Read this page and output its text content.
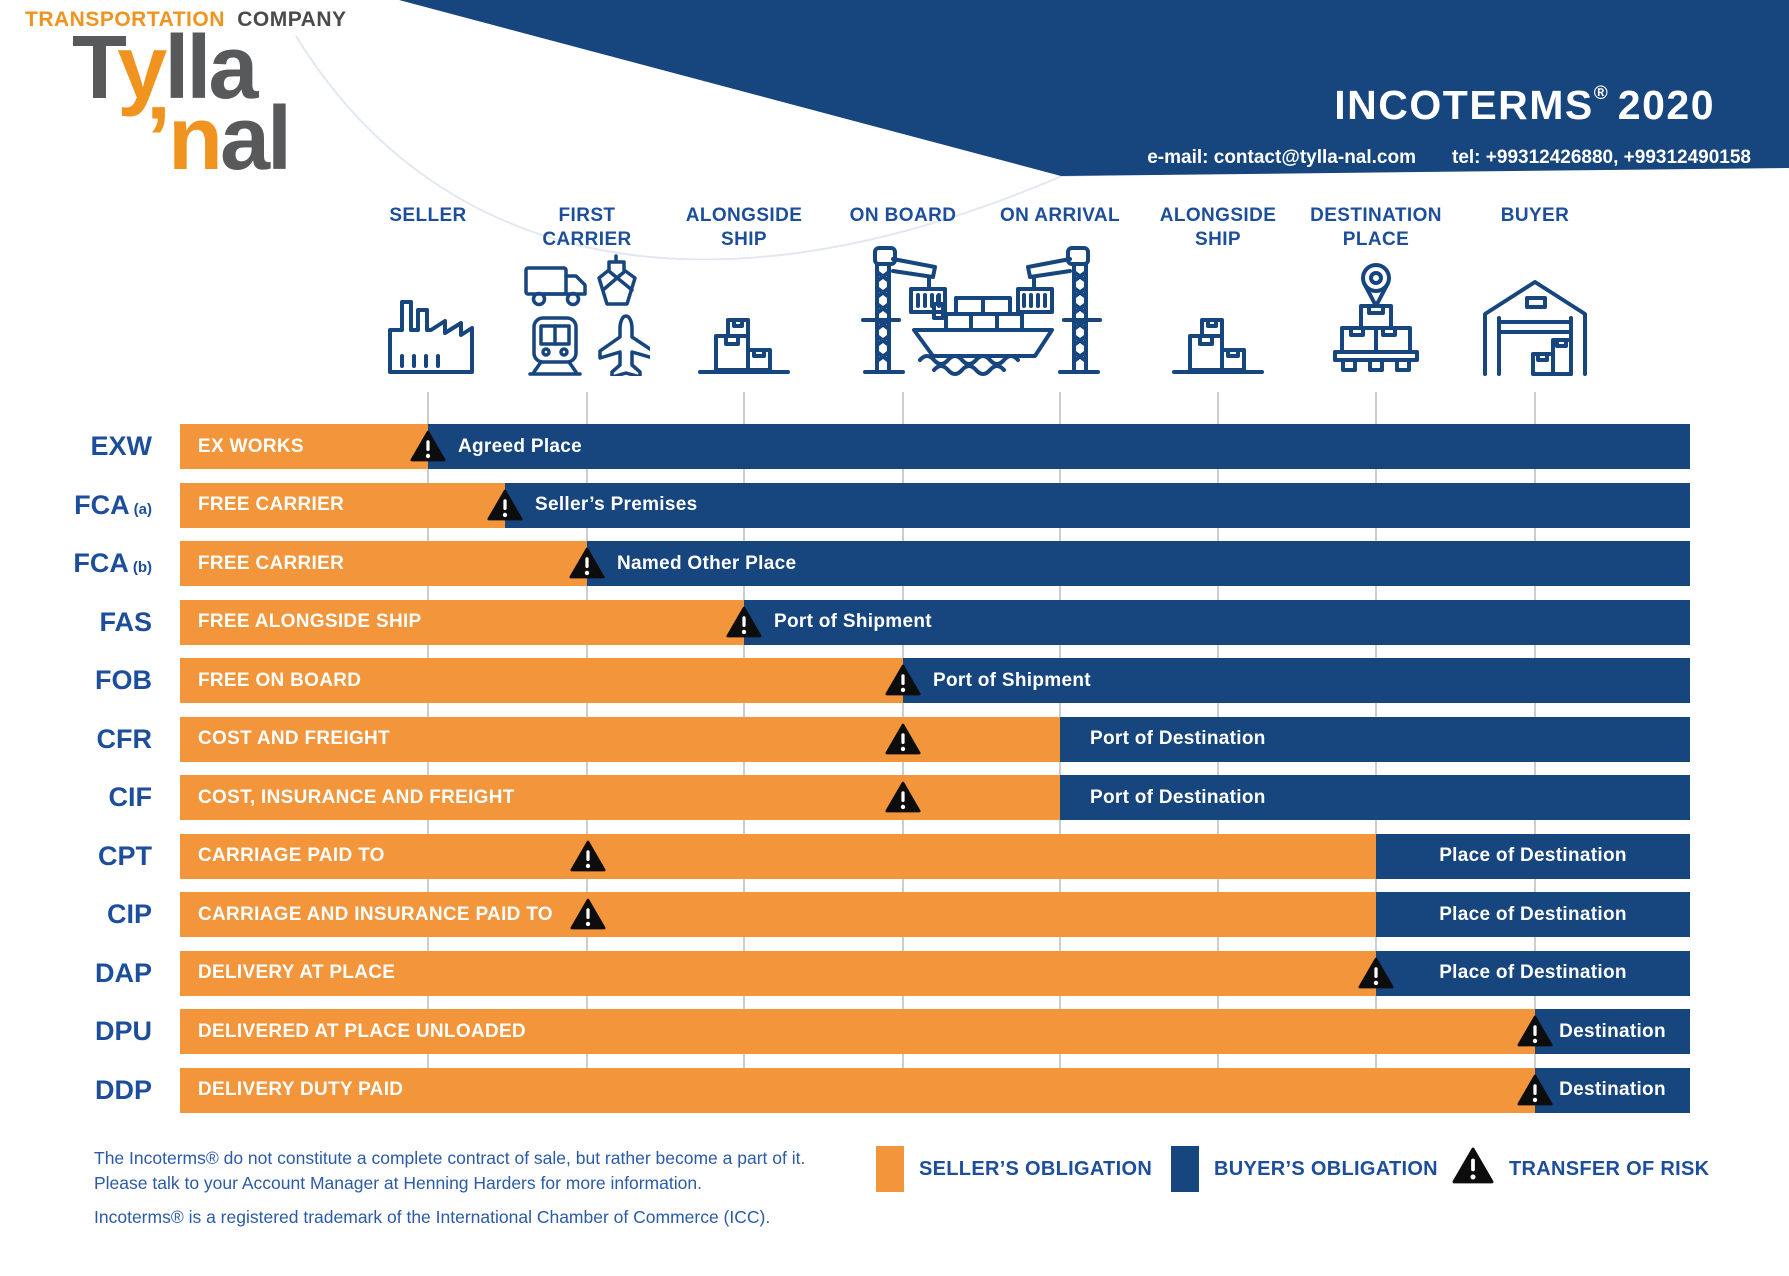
INCOTERMS® 2020
e-mail: contact@tylla-nal.com tel: +99312426880, +99312490158
TRANSPORTATION COMPANY
Tylla
’nal
SELLER	FIRST
CARRIER
ALONGSIDE
SHIP
ON BOARD	ON ARRIVAL	ALONGSIDE
SHIP
DESTINATION
PLACE
BUYER
EXW EX WORKS	Agreed Place
FCA (a) FREE CARRIER	Seller’s Premises
FCA (b) FREE CARRIER	Named Other Place
FAS FREE ALONGSIDE SHIP	Port of Shipment
FOB FREE ON BOARD	Port of Shipment
CFR COST AND FREIGHT	Port of Destination
CIF COST, INSURANCE AND FREIGHT	Port of Destination
CPT CARRIAGE PAID TO	Place of Destination
CIP CARRIAGE AND INSURANCE PAID TO	Place of Destination
DAP DELIVERY AT PLACE	Place of Destination
DPU DELIVERED AT PLACE UNLOADED	Destination
DDP DELIVERY DUTY PAID	Destination
SELLER’S OBLIGATION	BUYER’S OBLIGATION	TRANSFER OF RISK
The Incoterms® do not constitute a complete contract of sale, but rather become a part of it.
Please talk to your Account Manager at Henning Harders for more information.
Incoterms® is a registered trademark of the International Chamber of Commerce (ICC).
